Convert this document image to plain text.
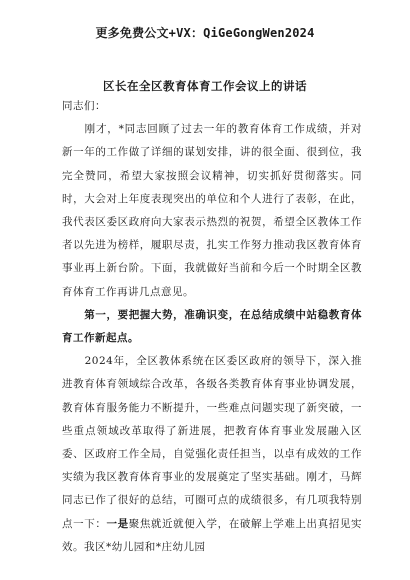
更多免费公文+VX：QiGeGongWen2024
区长在全区教育体育工作会议上的讲话

同志们：

　　刚才，*同志回顾了过去一年的教育体育工作成绩，并对新一年的工作做了详细的谋划安排，讲的很全面、很到位，我完全赞同，希望大家按照会议精神，切实抓好贯彻落实。同时，大会对上年度表现突出的单位和个人进行了表彰，在此，我代表区委区政府向大家表示热烈的祝贺，希望全区教体工作者以先进为榜样，履职尽责，扎实工作努力推动我区教育体育事业再上新台阶。下面，我就做好当前和今后一个时期全区教育体育工作再讲几点意见。

　　第一，要把握大势，准确识变，在总结成绩中站稳教育体育工作新起点。

　　2024年，全区教体系统在区委区政府的领导下，深入推进教育体育领域综合改革，各级各类教育体育事业协调发展，教育体育服务能力不断提升，一些难点问题实现了新突破，一些重点领域改革取得了新进展，把教育体育事业发展融入区委、区政府工作全局，自觉强化责任担当，以卓有成效的工作实绩为我区教育体育事业的发展奠定了坚实基础。刚才，马辉同志已作了很好的总结，可圈可点的成绩很多，有几项我特别点一下：一是聚焦就近就便入学，在破解上学难上出真招见实效。我区*幼儿园和*庄幼儿园
